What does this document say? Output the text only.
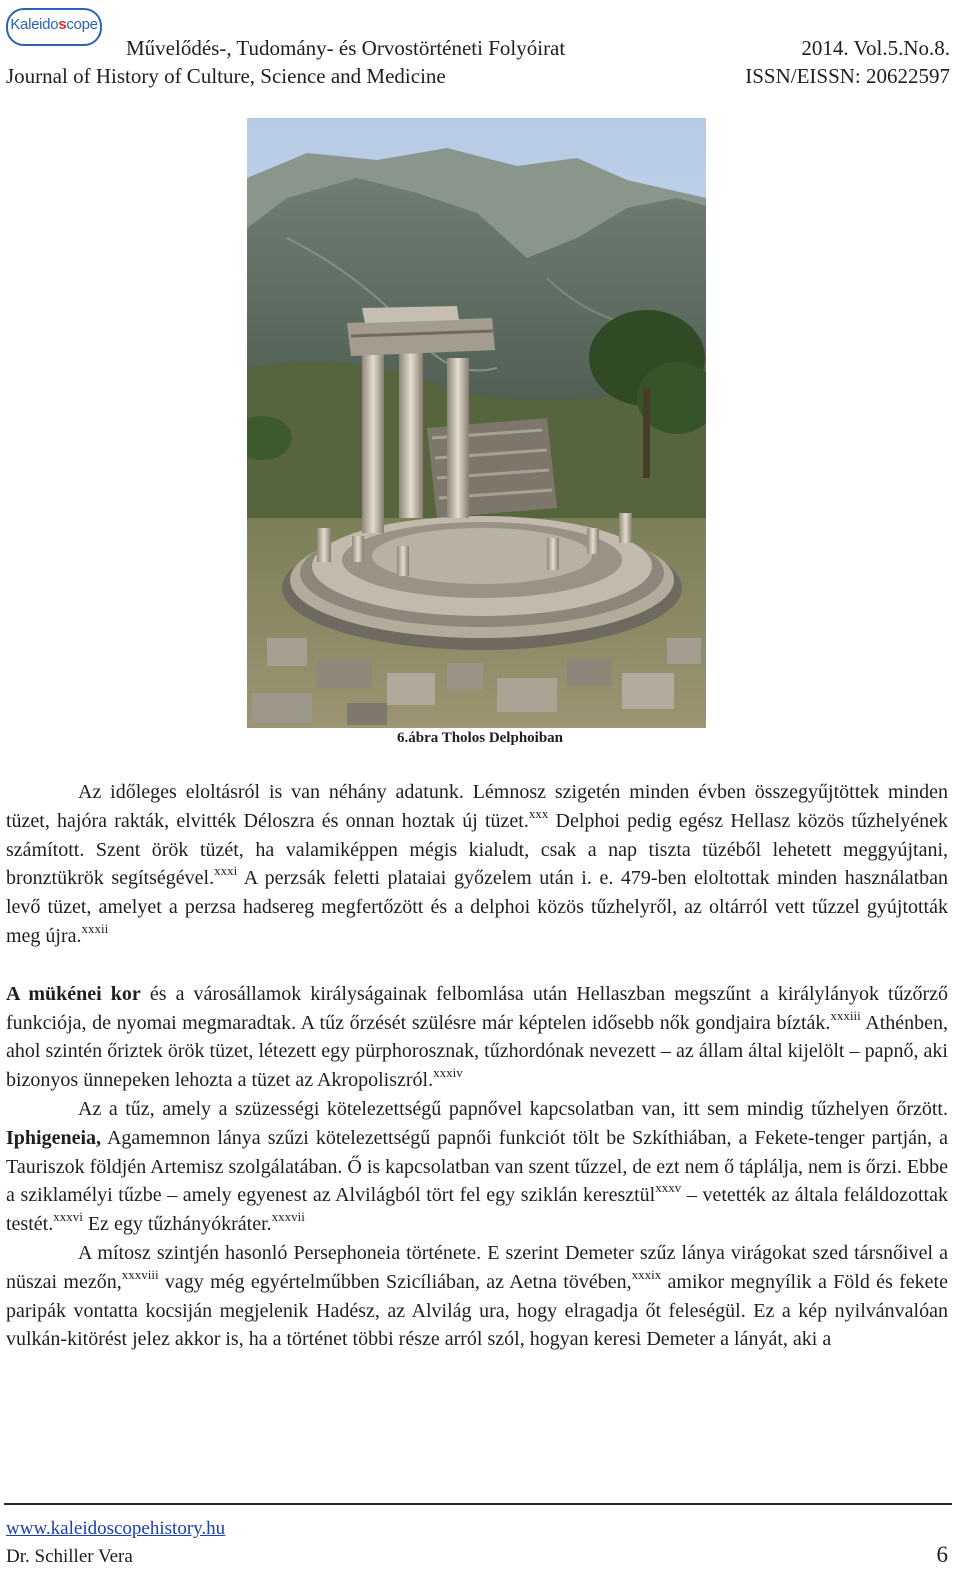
Kaleidoscope
Művelődés-, Tudomány- és Orvostörténeti Folyóirat	2014. Vol.5.No.8.
Journal of History of Culture, Science and Medicine	ISSN/EISSN: 20622597
6.ábra Tholos Delphoiban

Az időleges eloltásról is van néhány adatunk. Lémnosz szigetén minden évben összegyűjtöttek minden tüzet, hajóra rakták, elvitték Déloszra és onnan hoztak új tüzet.$^{xxx}$ Delphoi pedig egész Hellasz közös tűzhelyének számított. Szent örök tüzét, ha valamiképpen mégis kialudt, csak a nap tiszta tüzéből lehetett meggyújtani, bronztükrök segítségével.$^{xxxi}$ A perzsák feletti plataiai győzelem után i. e. 479-ben eloltottak minden használatban levő tüzet, amelyet a perzsa hadsereg megfertőzött és a delphoi közös tűzhelyről, az oltárról vett tűzzel gyújtották meg újra.$^{xxxii}$

A mükénei kor és a városállamok királyságainak felbomlása után Hellaszban megszűnt a királylányok tűzőrző funkciója, de nyomai megmaradtak. A tűz őrzését szülésre már képtelen idősebb nők gondjaira bízták.$^{xxxiii}$ Athénben, ahol szintén őriztek örök tüzet, létezett egy pürphorosznak, tűzhordónak nevezett – az állam által kijelölt – papnő, aki bizonyos ünnepeken lehozta a tüzet az Akropoliszról.$^{xxxiv}$

Az a tűz, amely a szüzességi kötelezettségű papnővel kapcsolatban van, itt sem mindig tűzhelyen őrzött. Iphigeneia, Agamemnon lánya szűzi kötelezettségű papnői funkciót tölt be Szkíthiában, a Fekete-tenger partján, a Tauriszok földjén Artemisz szolgálatában. Ő is kapcsolatban van szent tűzzel, de ezt nem ő táplálja, nem is őrzi. Ebbe a sziklamélyi tűzbe – amely egyenest az Alvilágból tört fel egy sziklán keresztül$^{xxxv}$ – vetették az általa feláldozottak testét.$^{xxxvi}$ Ez egy tűzhányókráter.$^{xxxvii}$

A mítosz szintjén hasonló Persephoneia története. E szerint Demeter szűz lánya virágokat szed társnőivel a nüszai mezőn,$^{xxxviii}$ vagy még egyértelműbben Szicíliában, az Aetna tövében,$^{xxxix}$ amikor megnyílik a Föld és fekete paripák vontatta kocsiján megjelenik Hadész, az Alvilág ura, hogy elragadja őt feleségül. Ez a kép nyilvánvalóan vulkán-kitörést jelez akkor is, ha a történet többi része arról szól, hogyan keresi Demeter a lányát, aki a

www.kaleidoscopehistory.hu
Dr. Schiller Vera	6
